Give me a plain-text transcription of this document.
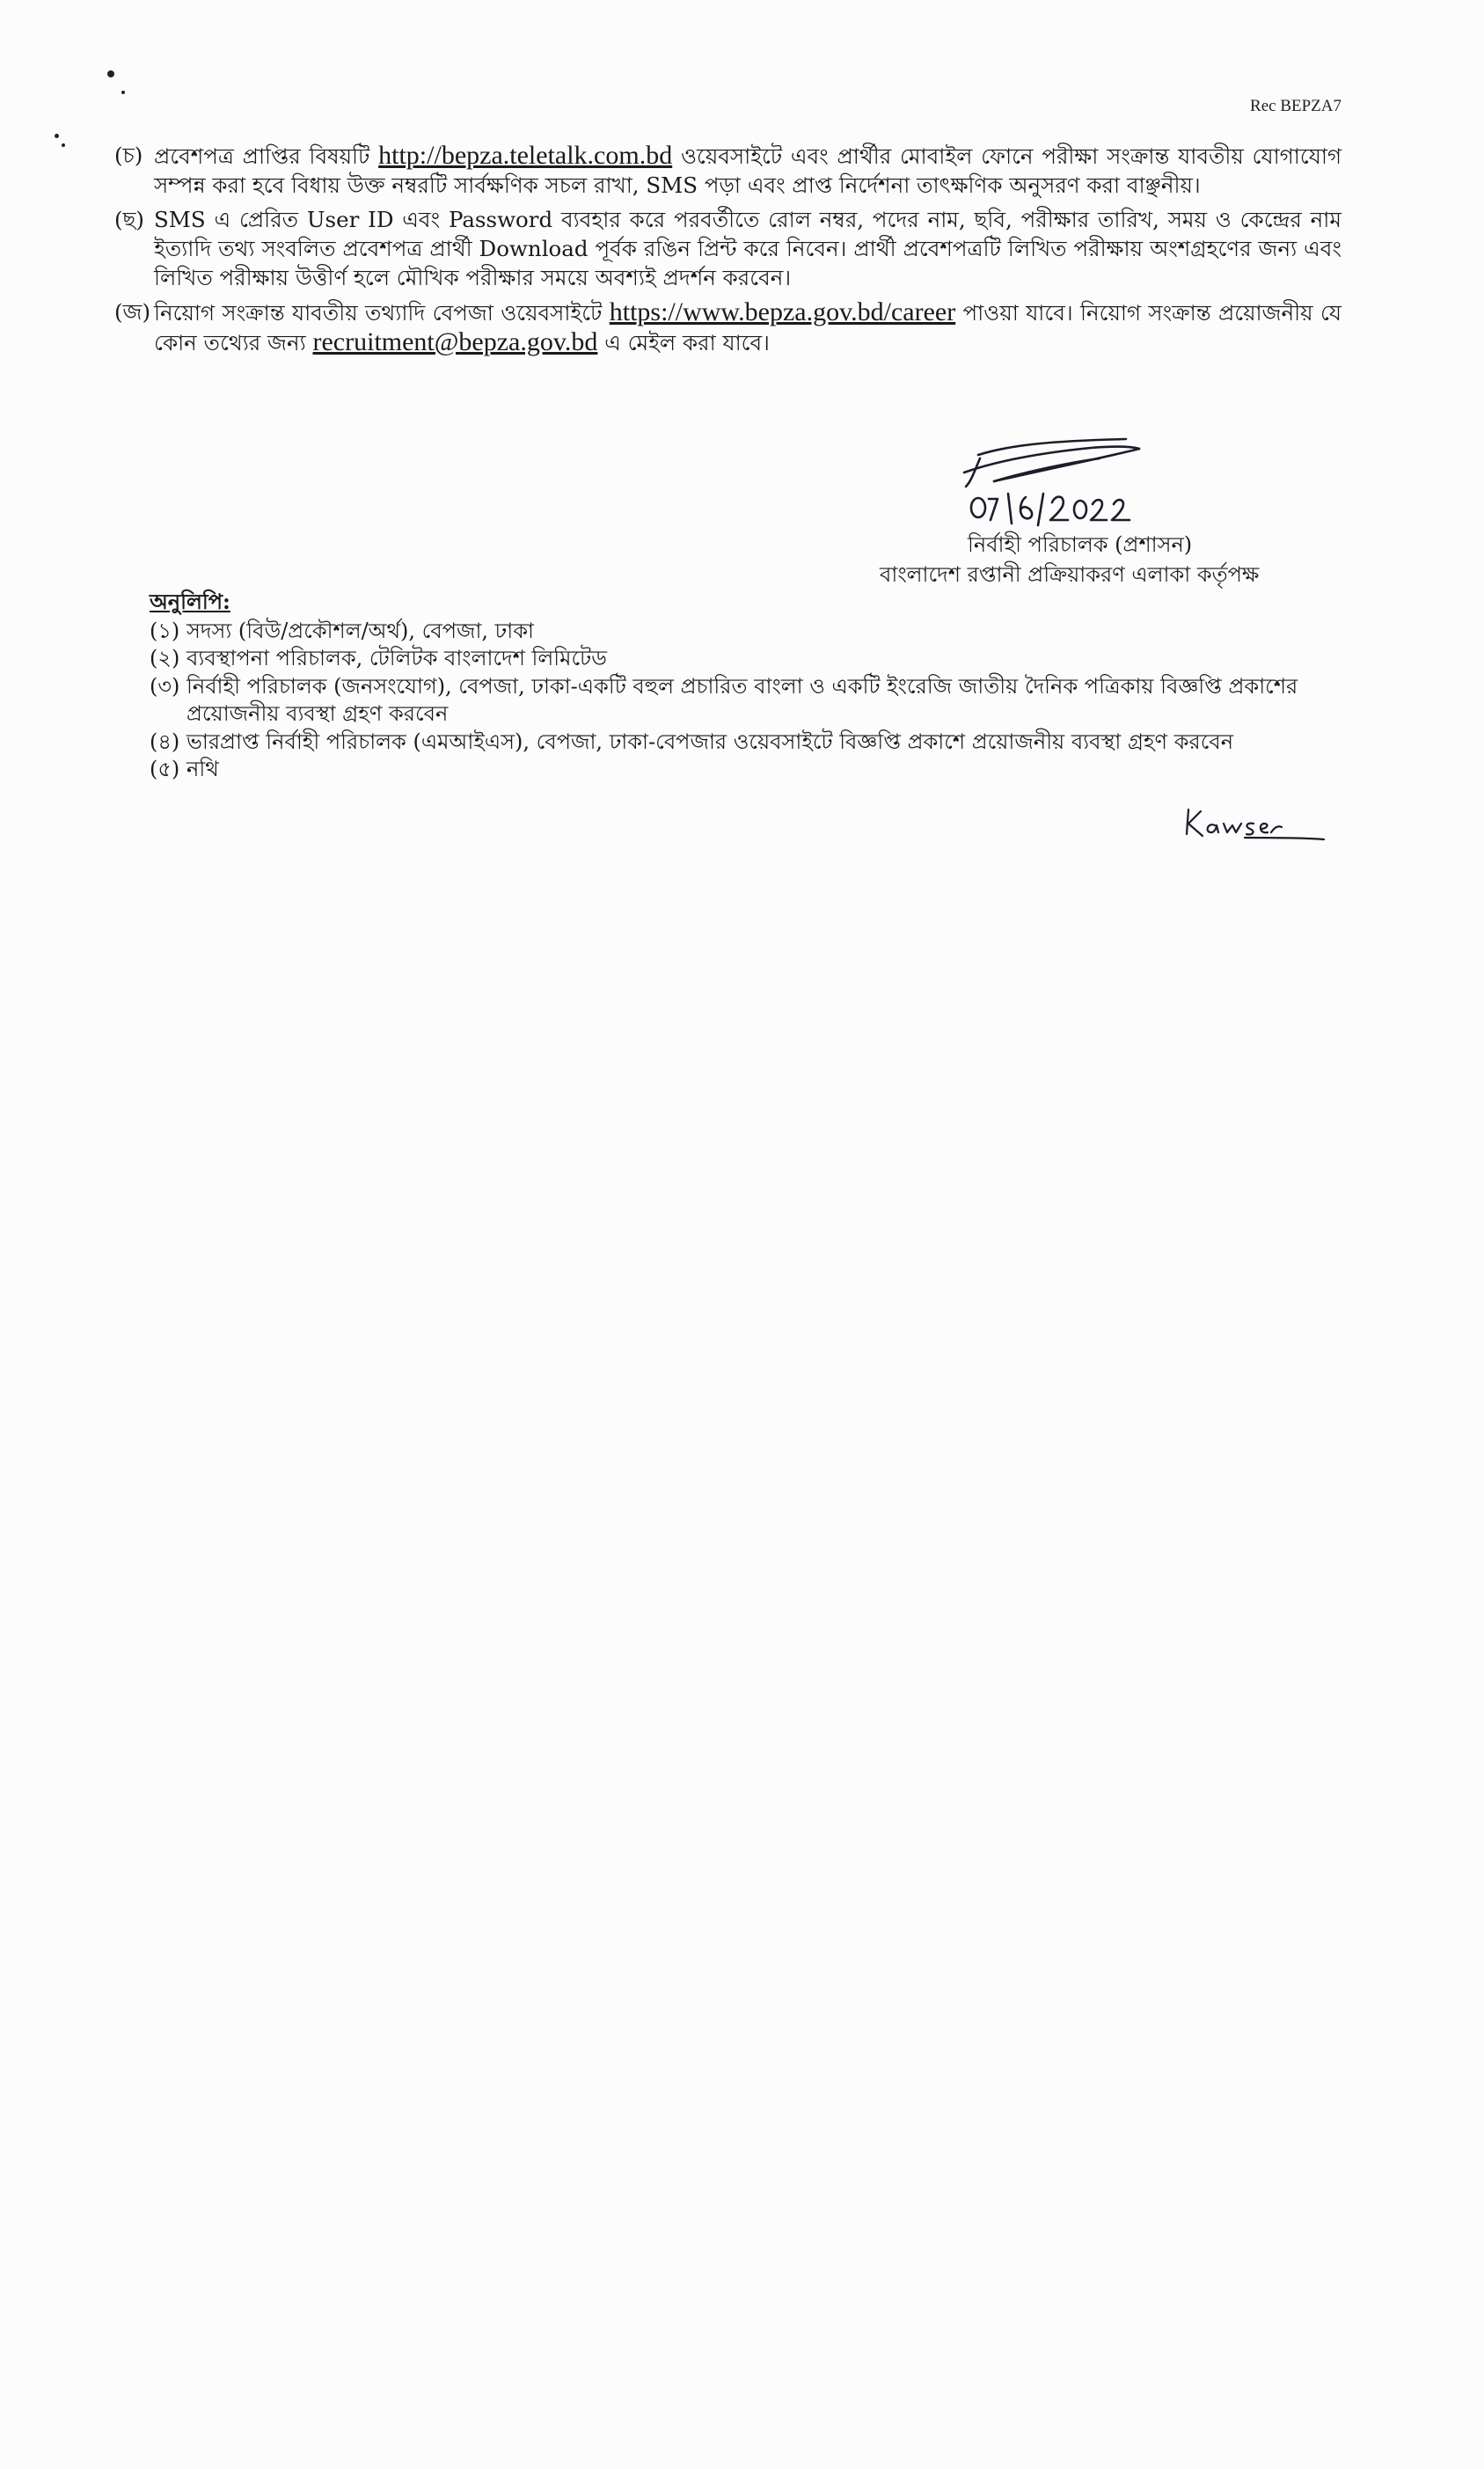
Rec BEPZA7
(চ) প্রবেশপত্র প্রাপ্তির বিষয়টি http://bepza.teletalk.com.bd ওয়েবসাইটে এবং প্রার্থীর মোবাইল ফোনে পরীক্ষা সংক্রান্ত যাবতীয় যোগাযোগ সম্পন্ন করা হবে বিধায় উক্ত নম্বরটি সার্বক্ষণিক সচল রাখা, SMS পড়া এবং প্রাপ্ত নির্দেশনা তাৎক্ষণিক অনুসরণ করা বাঞ্ছনীয়।
(ছ) SMS এ প্রেরিত User ID এবং Password ব্যবহার করে পরবর্তীতে রোল নম্বর, পদের নাম, ছবি, পরীক্ষার তারিখ, সময় ও কেন্দ্রের নাম ইত্যাদি তথ্য সংবলিত প্রবেশপত্র প্রার্থী Download পূর্বক রঙিন প্রিন্ট করে নিবেন। প্রার্থী প্রবেশপত্রটি লিখিত পরীক্ষায় অংশগ্রহণের জন্য এবং লিখিত পরীক্ষায় উত্তীর্ণ হলে মৌখিক পরীক্ষার সময়ে অবশ্যই প্রদর্শন করবেন।
(জ) নিয়োগ সংক্রান্ত যাবতীয় তথ্যাদি বেপজা ওয়েবসাইটে https://www.bepza.gov.bd/career পাওয়া যাবে। নিয়োগ সংক্রান্ত প্রয়োজনীয় যে কোন তথ্যের জন্য recruitment@bepza.gov.bd এ মেইল করা যাবে।
নির্বাহী পরিচালক (প্রশাসন)
বাংলাদেশ রপ্তানী প্রক্রিয়াকরণ এলাকা কর্তৃপক্ষ
অনুলিপি:
(১) সদস্য (বিউ/প্রকৌশল/অর্থ), বেপজা, ঢাকা
(২) ব্যবস্থাপনা পরিচালক, টেলিটক বাংলাদেশ লিমিটেড
(৩) নির্বাহী পরিচালক (জনসংযোগ), বেপজা, ঢাকা-একটি বহুল প্রচারিত বাংলা ও একটি ইংরেজি জাতীয় দৈনিক পত্রিকায় বিজ্ঞপ্তি প্রকাশের প্রয়োজনীয় ব্যবস্থা গ্রহণ করবেন
(৪) ভারপ্রাপ্ত নির্বাহী পরিচালক (এমআইএস), বেপজা, ঢাকা-বেপজার ওয়েবসাইটে বিজ্ঞপ্তি প্রকাশে প্রয়োজনীয় ব্যবস্থা গ্রহণ করবেন
(৫) নথি
